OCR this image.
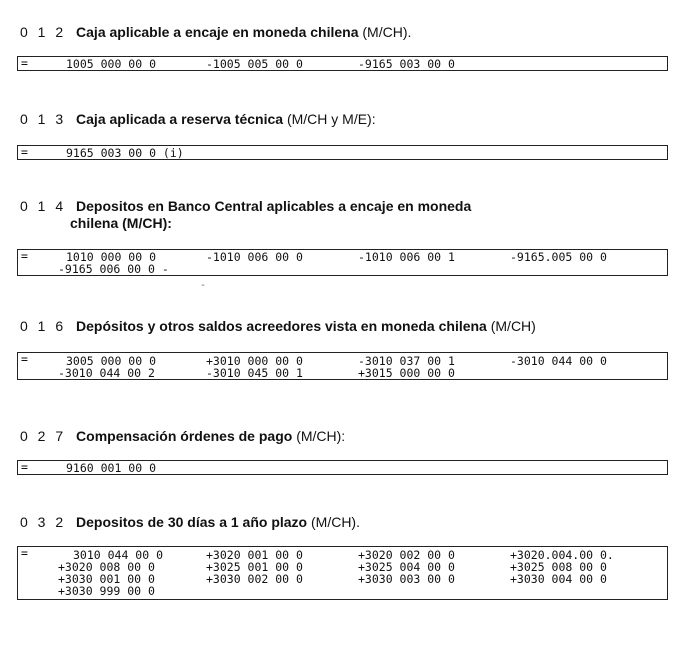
0 1 2 Caja aplicable a encaje en moneda chilena (M/CH).
=	1005 000 00 0	-1005 005 00 0	-9165 003 00 0
0 1 3 Caja aplicada a reserva técnica (M/CH y M/E):
=	9165 003 00 0 (i)
0 1 4 Depositos en Banco Central aplicables a encaje en moneda
chilena (M/CH):
=	1010 000 00 0	-1010 006 00 0	-1010 006 00 1	-9165.005 00 0
-9165 006 00 0 -
-
0 1 6 Depósitos y otros saldos acreedores vista en moneda chilena (M/CH)
=	3005 000 00 0	+3010 000 00 0	-3010 037 00 1	-3010 044 00 0
-3010 044 00 2	-3010 045 00 1	+3015 000 00 0
0 2 7 Compensación órdenes de pago (M/CH):
=	9160 001 00 0
0 3 2 Depositos de 30 días a 1 año plazo (M/CH).
=	3010 044 00 0	+3020 001 00 0	+3020 002 00 0	+3020.004.00 0.
+3020 008 00 0	+3025 001 00 0	+3025 004 00 0	+3025 008 00 0
+3030 001 00 0	+3030 002 00 0	+3030 003 00 0	+3030 004 00 0
+3030 999 00 0
